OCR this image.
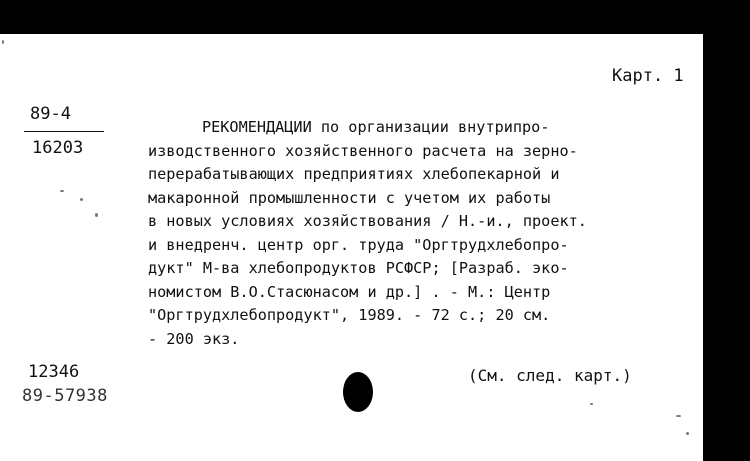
Карт. 1
89-4
16203
РЕКОМЕНДАЦИИ по организации внутрипро-
изводственного хозяйственного расчета на зерно-
перерабатывающих предприятиях хлебопекарной и
макаронной промышленности с учетом их работы
в новых условиях хозяйствования / Н.-и., проект.
и внедренч. центр орг. труда "Оргтрудхлебопро-
дукт" М-ва хлебопродуктов РСФСР; [Разраб. эко-
номистом В.О.Стасюнасом и др.] . - М.: Центр
"Оргтрудхлебопродукт", 1989. - 72 с.; 20 см.
- 200 экз.
12346
89-57938
(См. след. карт.)
